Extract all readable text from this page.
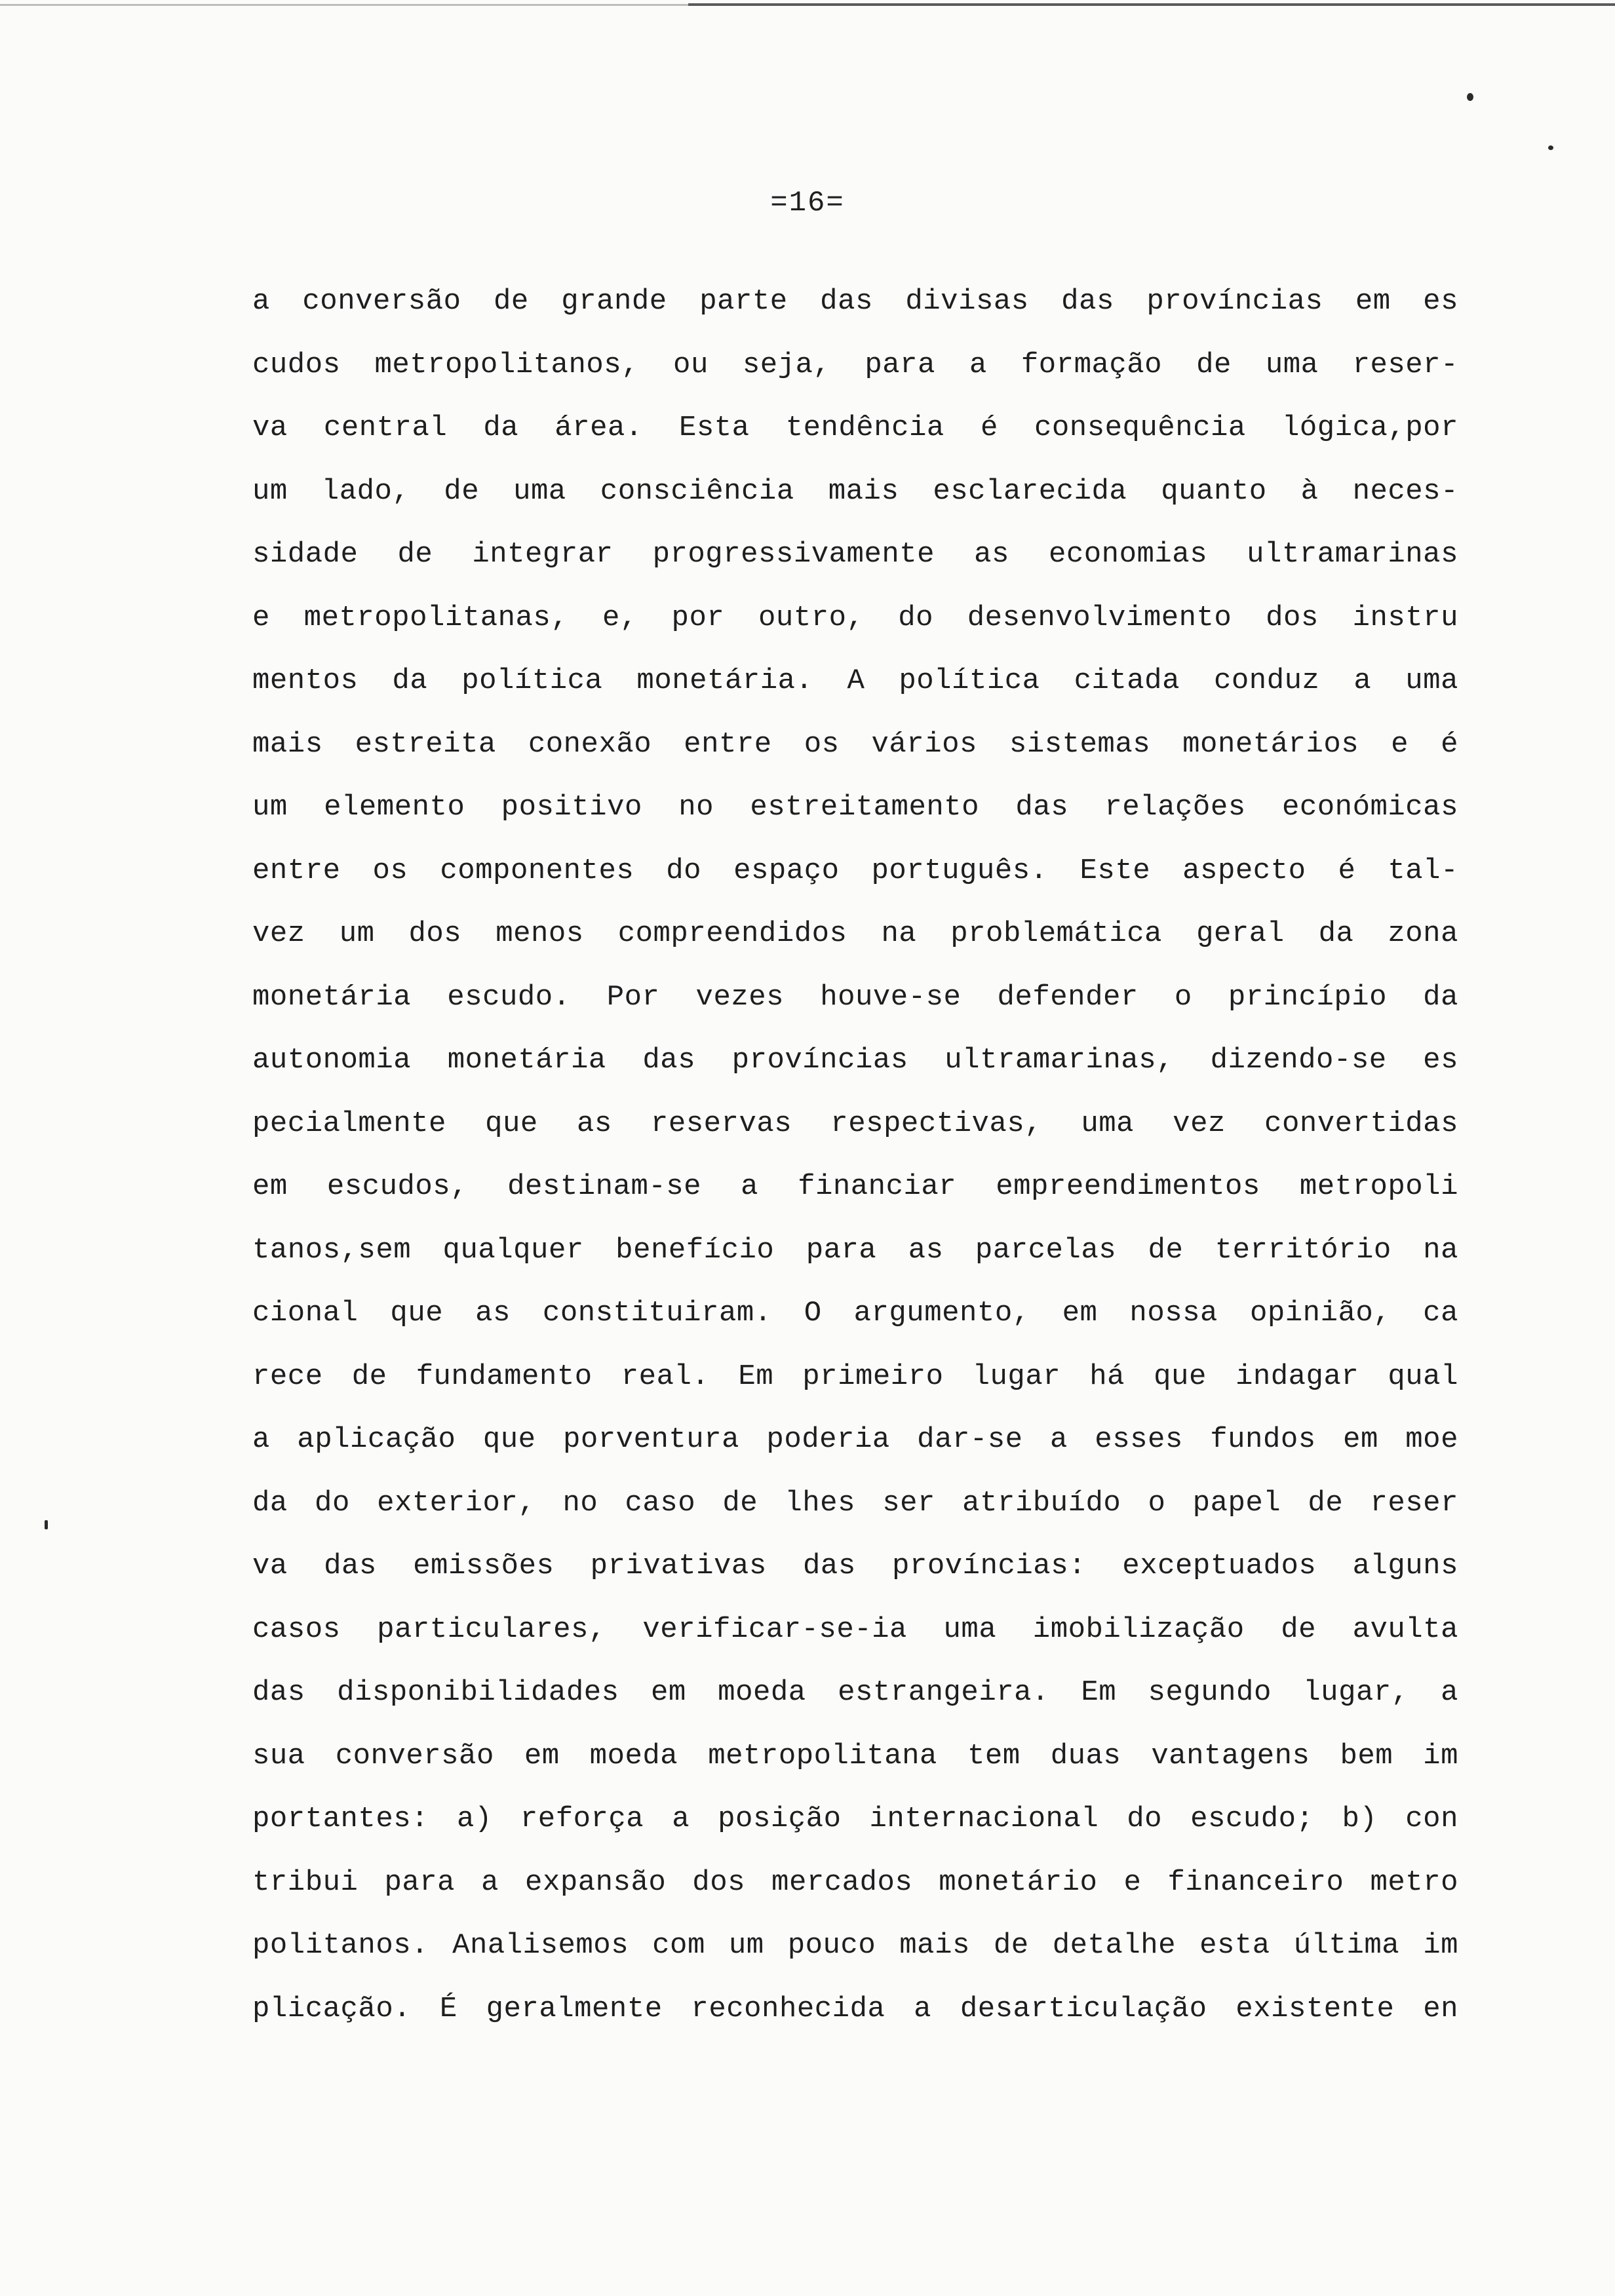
=16=
a conversão de grande parte das divisas das províncias em es
cudos metropolitanos, ou seja, para a formação de uma reser-
va central da área. Esta tendência é consequência lógica,por
um lado, de uma consciência mais esclarecida quanto à neces-
sidade de integrar progressivamente as economias ultramarinas
e metropolitanas, e, por outro, do desenvolvimento dos instru
mentos da política monetária. A política citada conduz a uma
mais estreita conexão entre os vários sistemas monetários e é
um elemento positivo no estreitamento das relações económicas
entre os componentes do espaço português. Este aspecto é tal-
vez um dos menos compreendidos na problemática geral da zona
monetária escudo. Por vezes houve-se defender o princípio da
autonomia monetária das províncias ultramarinas, dizendo-se es
pecialmente que as reservas respectivas, uma vez convertidas
em escudos, destinam-se a financiar empreendimentos metropoli
tanos,sem qualquer benefício para as parcelas de território na
cional que as constituiram. O argumento, em nossa opinião, ca
rece de fundamento real. Em primeiro lugar há que indagar qual
a aplicação que porventura poderia dar-se a esses fundos em moe
da do exterior, no caso de lhes ser atribuído o papel de reser
va das emissões privativas das províncias: exceptuados alguns
casos particulares, verificar-se-ia uma imobilização de avulta
das disponibilidades em moeda estrangeira. Em segundo lugar, a
sua conversão em moeda metropolitana tem duas vantagens bem im
portantes: a) reforça a posição internacional do escudo; b) con
tribui para a expansão dos mercados monetário e financeiro metro
politanos. Analisemos com um pouco mais de detalhe esta última im
plicação. É geralmente reconhecida a desarticulação existente en
